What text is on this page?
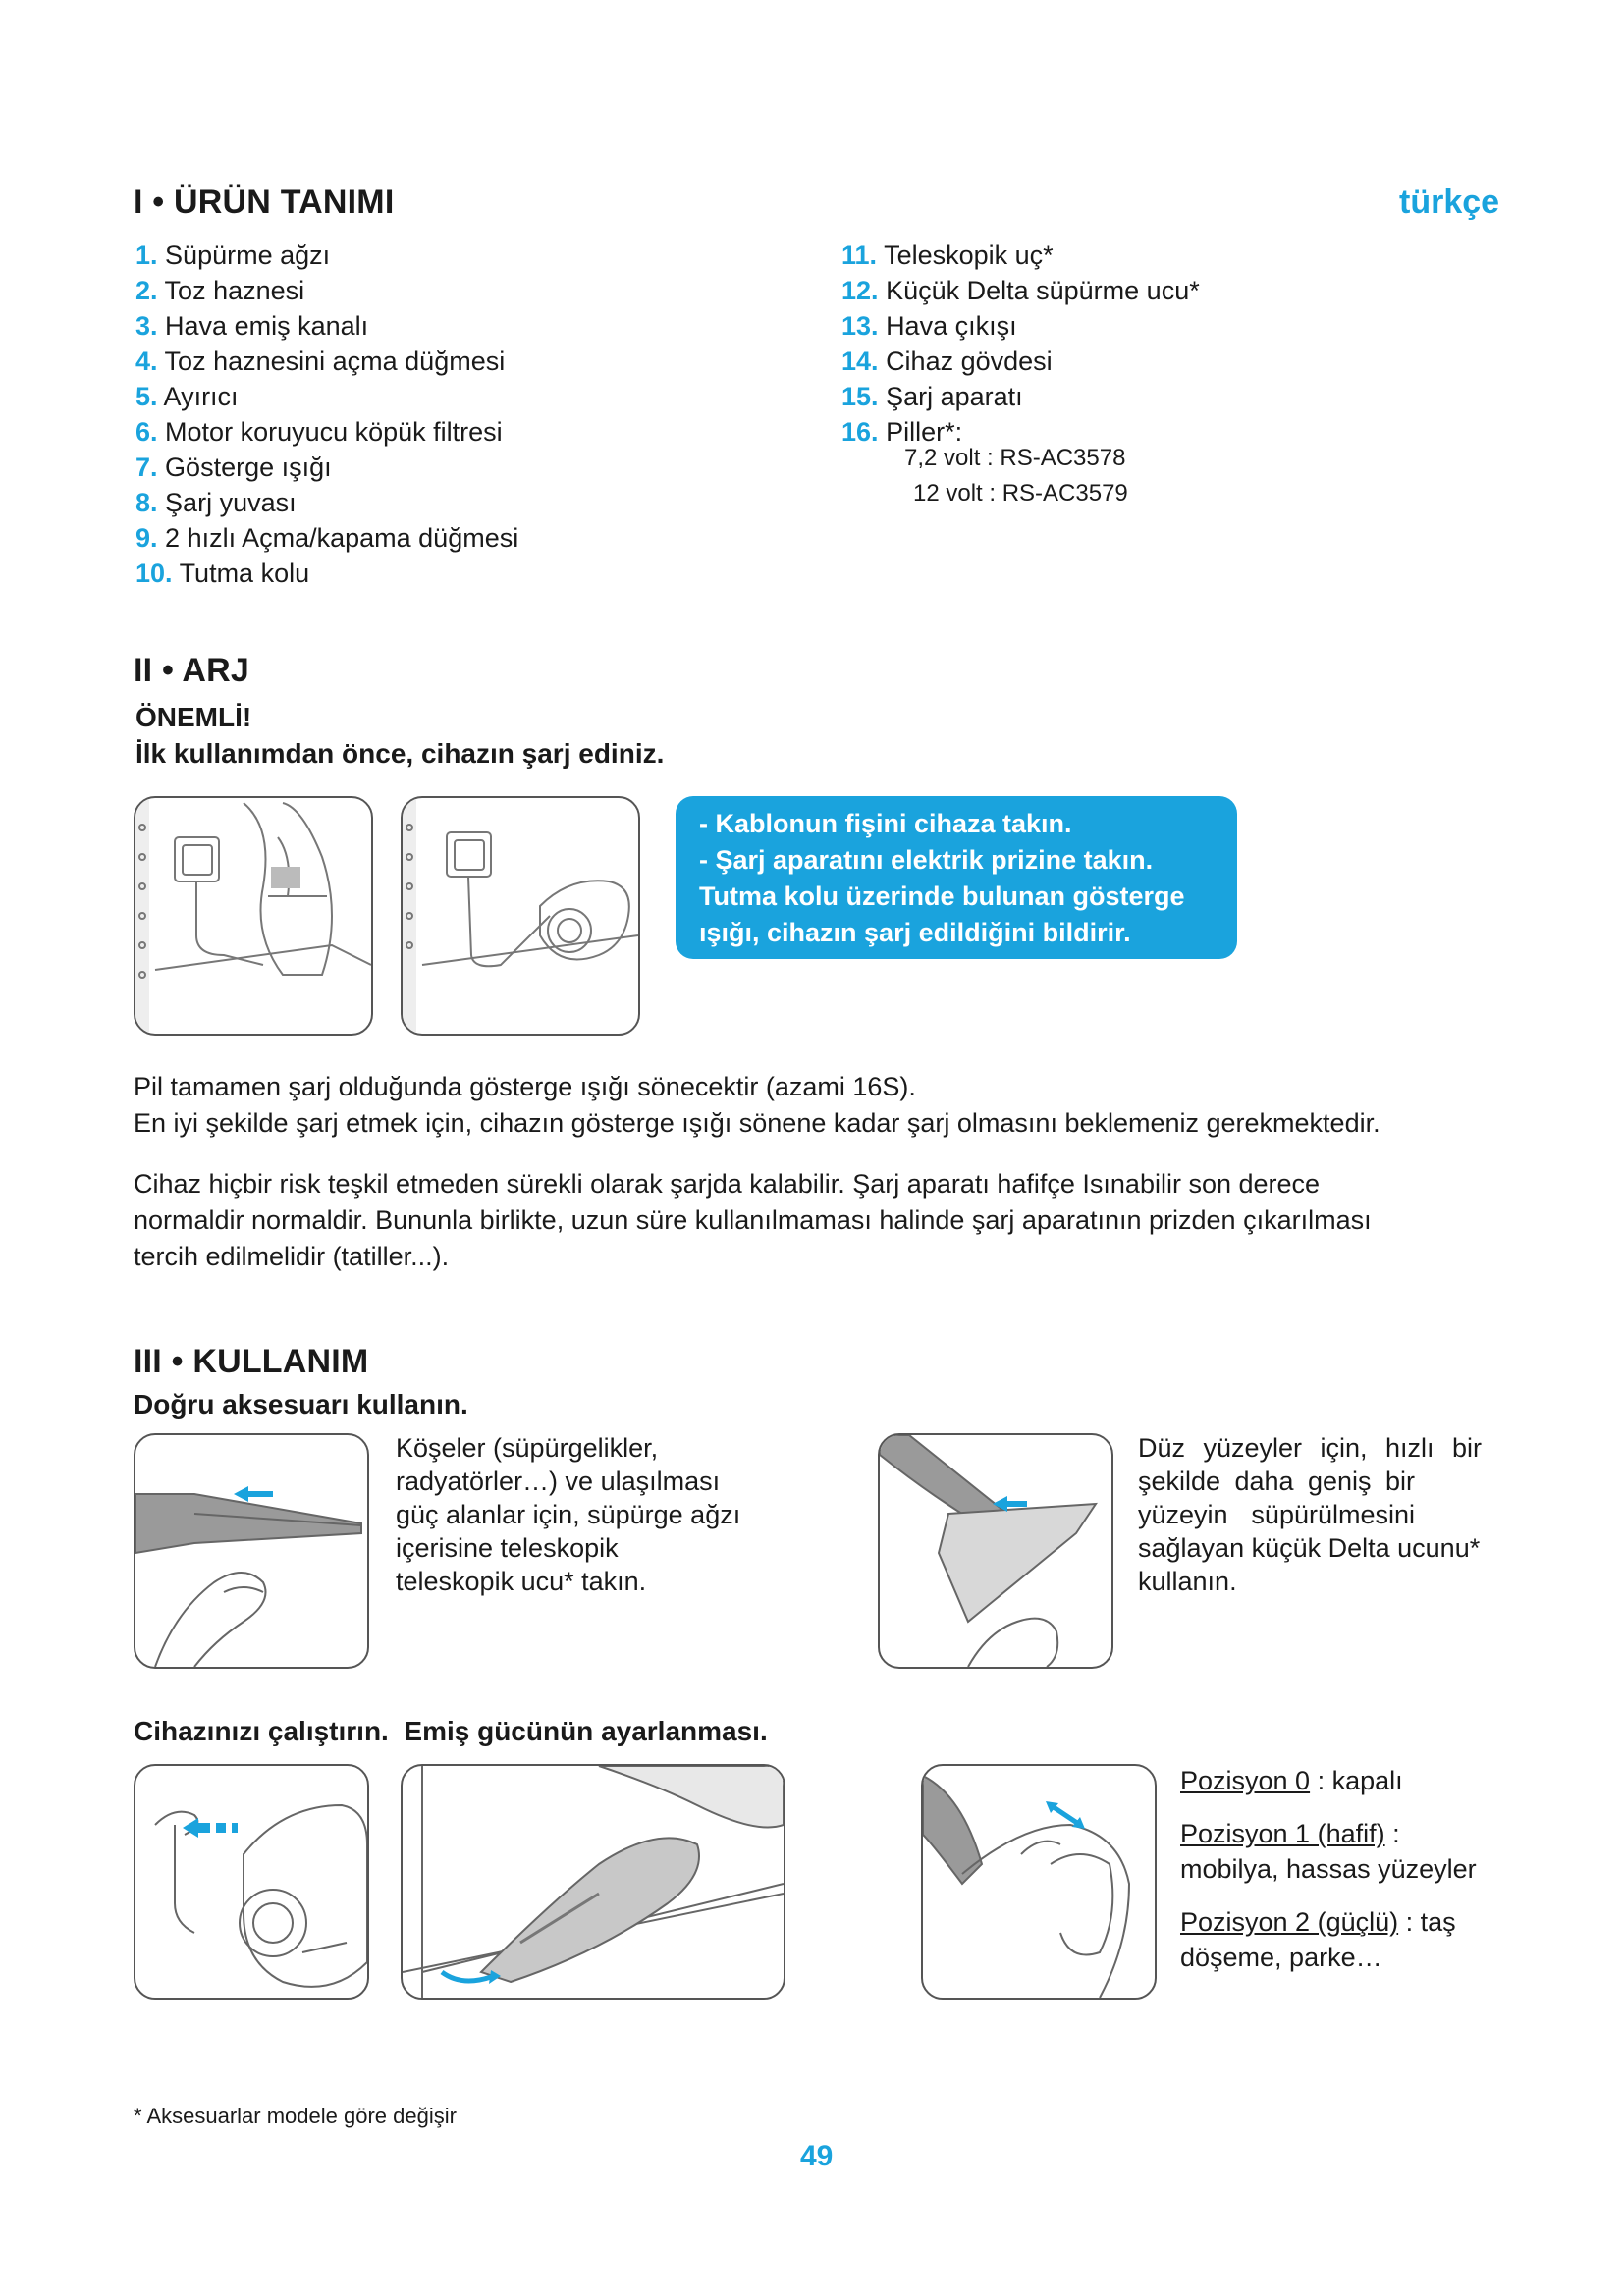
I • ÜRÜN TANIMI	türkçe
1. Süpürme ağzı
2. Toz haznesi
3. Hava emiş kanalı
4. Toz haznesini açma düğmesi
5. Ayırıcı
6. Motor koruyucu köpük filtresi
7. Gösterge ışığı
8. Şarj yuvası
9. 2 hızlı Açma/kapama düğmesi
10. Tutma kolu
11. Teleskopik uç*
12. Küçük Delta süpürme ucu*
13. Hava çıkışı
14. Cihaz gövdesi
15. Şarj aparatı
16. Piller*:
7,2 volt : RS-AC3578
12 volt : RS-AC3579
II • ARJ
ÖNEMLİ!
İlk kullanımdan önce, cihazın şarj ediniz.
- Kablonun fişini cihaza takın.
- Şarj aparatını elektrik prizine takın.
Tutma kolu üzerinde bulunan gösterge
ışığı, cihazın şarj edildiğini bildirir.

Pil tamamen şarj olduğunda gösterge ışığı sönecektir (azami 16S).

En iyi şekilde şarj etmek için, cihazın gösterge ışığı sönene kadar şarj olmasını beklemeniz gerekmektedir.

Cihaz hiçbir risk teşkil etmeden sürekli olarak şarjda kalabilir. Şarj aparatı hafifçe Isınabilir son derece

normaldir normaldir. Bununla birlikte, uzun süre kullanılmaması halinde şarj aparatının prizden çıkarılması

tercih edilmelidir (tatiller...).

III • KULLANIM
Doğru aksesuarı kullanın.
Köşeler (süpürgelikler,
radyatörler…) ve ulaşılması
güç alanlar için, süpürge ağzı
içerisine teleskopik
teleskopik ucu* takın.
Düz yüzeyler için, hızlı bir
şekilde daha geniş bir
yüzeyin süpürülmesini
sağlayan küçük Delta ucunu*
kullanın.
Cihazınızı çalıştırın.  Emiş gücünün ayarlanması.
Pozisyon 0 : kapalı
Pozisyon 1 (hafif) :
mobilya, hassas yüzeyler
Pozisyon 2 (güçlü) : taş
döşeme, parke…
* Aksesuarlar modele göre değişir
49
